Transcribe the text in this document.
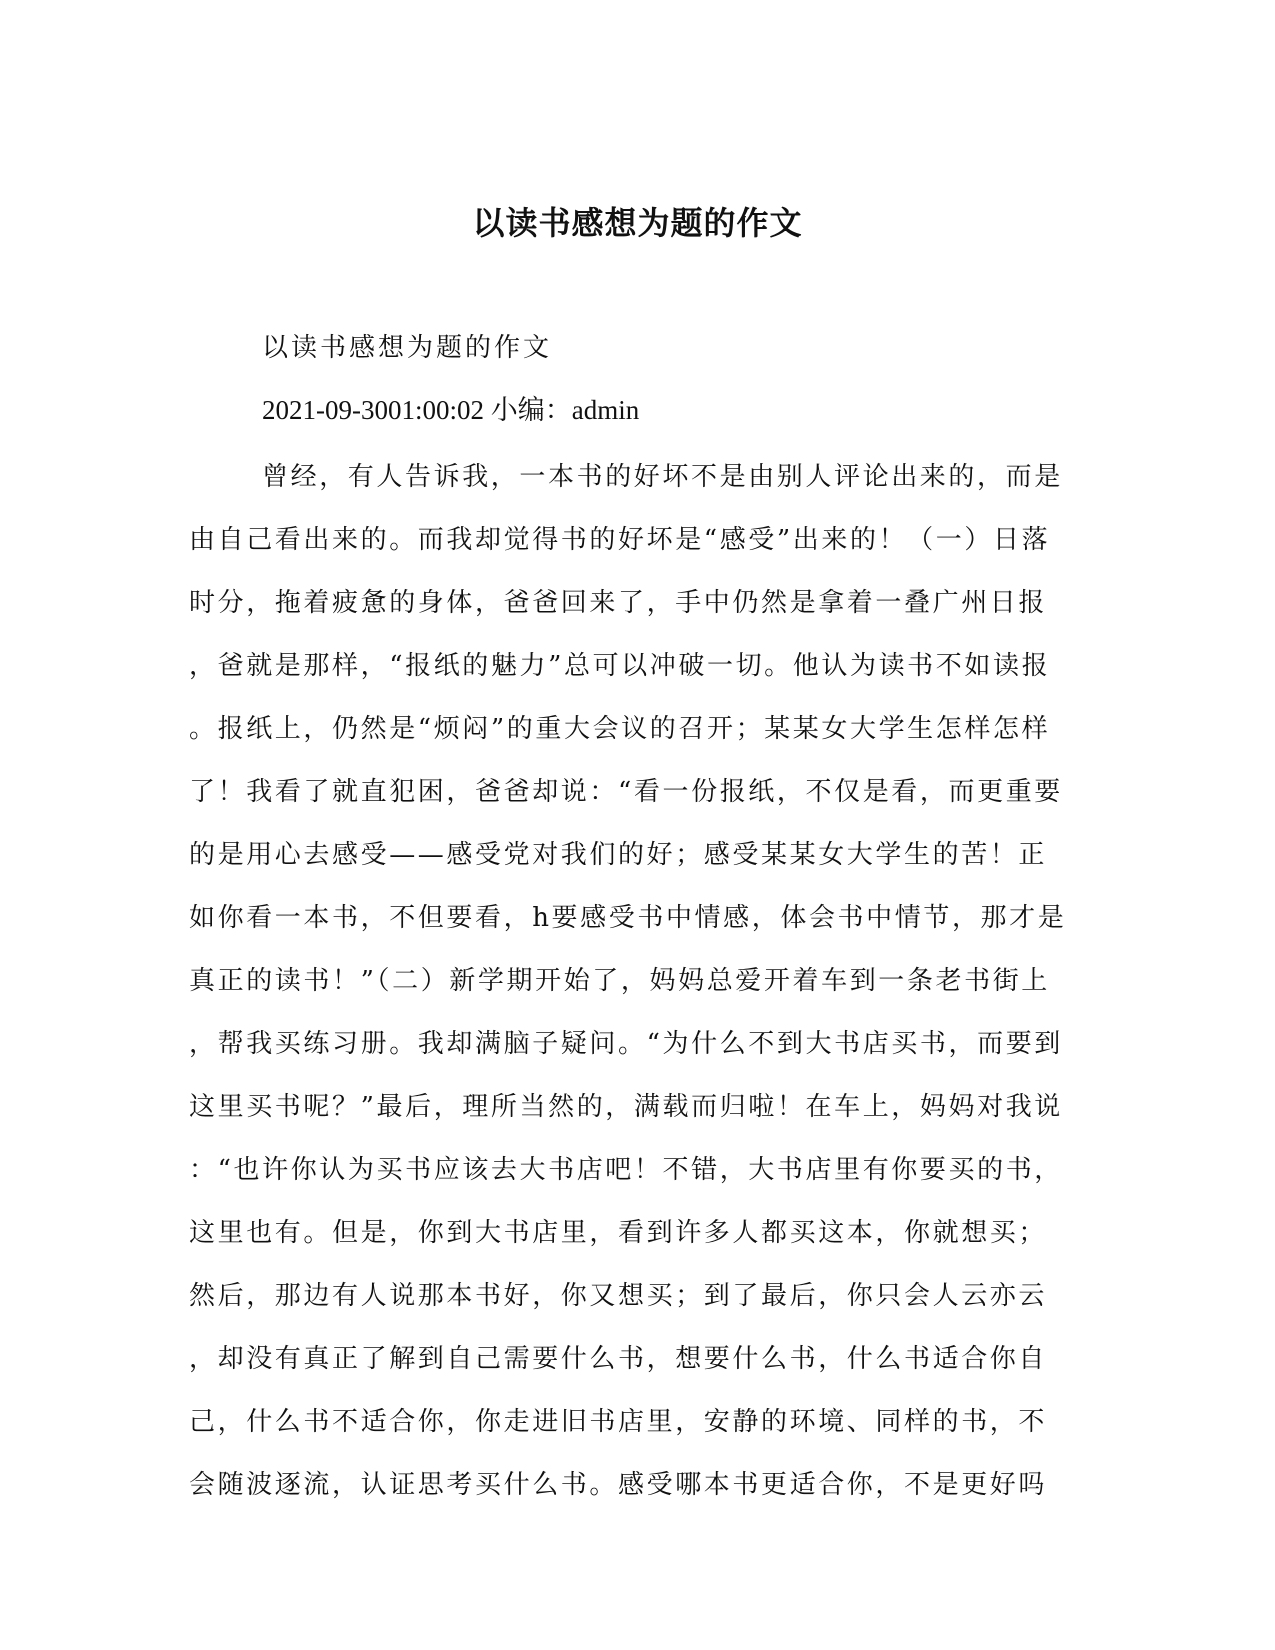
以读书感想为题的作文
以读书感想为题的作文
2021-09-3001:00:02 小编：admin
曾经，有人告诉我，一本书的好坏不是由别人评论出来的，而是
由自己看出来的。而我却觉得书的好坏是“感受”出来的！（一）日落
时分，拖着疲惫的身体，爸爸回来了，手中仍然是拿着一叠广州日报
，爸就是那样，“报纸的魅力”总可以冲破一切。他认为读书不如读报
。报纸上，仍然是“烦闷”的重大会议的召开；某某女大学生怎样怎样
了！我看了就直犯困，爸爸却说：“看一份报纸，不仅是看，而更重要
的是用心去感受——感受党对我们的好；感受某某女大学生的苦！正
如你看一本书，不但要看，h要感受书中情感，体会书中情节，那才是
真正的读书！”（二）新学期开始了，妈妈总爱开着车到一条老书街上
，帮我买练习册。我却满脑子疑问。“为什么不到大书店买书，而要到
这里买书呢？”最后，理所当然的，满载而归啦！在车上，妈妈对我说
：“也许你认为买书应该去大书店吧！不错，大书店里有你要买的书，
这里也有。但是，你到大书店里，看到许多人都买这本，你就想买；
然后，那边有人说那本书好，你又想买；到了最后，你只会人云亦云
，却没有真正了解到自己需要什么书，想要什么书，什么书适合你自
己，什么书不适合你，你走进旧书店里，安静的环境、同样的书，不
会随波逐流，认证思考买什么书。感受哪本书更适合你，不是更好吗
